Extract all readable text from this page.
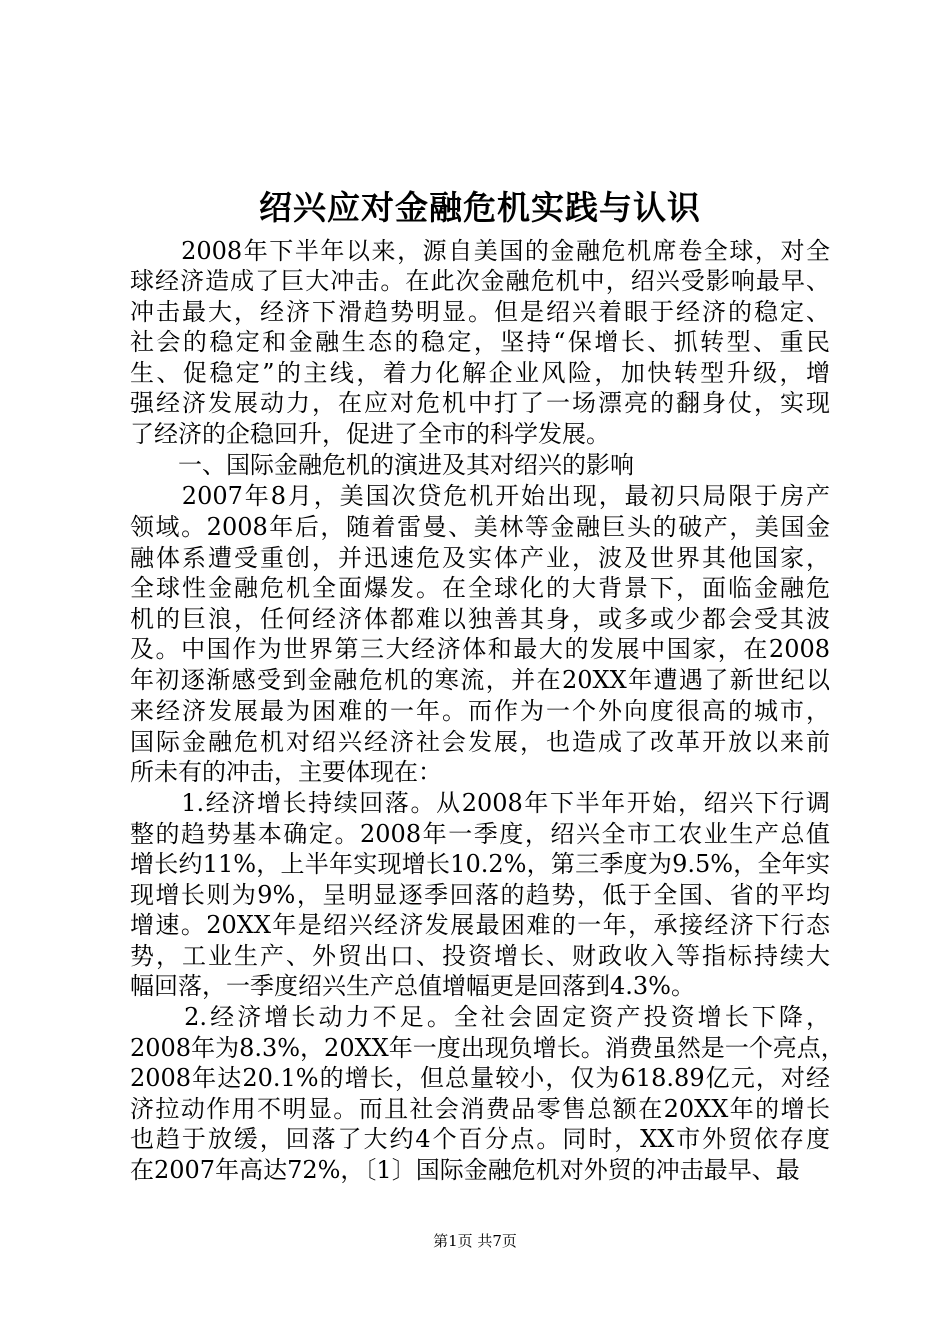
绍兴应对金融危机实践与认识
　　2008年下半年以来，源自美国的金融危机席卷全球，对全
球经济造成了巨大冲击。在此次金融危机中，绍兴受影响最早、
冲击最大，经济下滑趋势明显。但是绍兴着眼于经济的稳定、
社会的稳定和金融生态的稳定，坚持“保增长、抓转型、重民
生、促稳定”的主线，着力化解企业风险，加快转型升级，增
强经济发展动力，在应对危机中打了一场漂亮的翻身仗，实现
了经济的企稳回升，促进了全市的科学发展。
　　一、国际金融危机的演进及其对绍兴的影响
　　2007年8月，美国次贷危机开始出现，最初只局限于房产
领域。2008年后，随着雷曼、美林等金融巨头的破产，美国金
融体系遭受重创，并迅速危及实体产业，波及世界其他国家，
全球性金融危机全面爆发。在全球化的大背景下，面临金融危
机的巨浪，任何经济体都难以独善其身，或多或少都会受其波
及。中国作为世界第三大经济体和最大的发展中国家，在2008
年初逐渐感受到金融危机的寒流，并在20XX年遭遇了新世纪以
来经济发展最为困难的一年。而作为一个外向度很高的城市，
国际金融危机对绍兴经济社会发展，也造成了改革开放以来前
所未有的冲击，主要体现在：
　　1.经济增长持续回落。从2008年下半年开始，绍兴下行调
整的趋势基本确定。2008年一季度，绍兴全市工农业生产总值
增长约11%，上半年实现增长10.2%，第三季度为9.5%，全年实
现增长则为9%，呈明显逐季回落的趋势，低于全国、省的平均
增速。20XX年是绍兴经济发展最困难的一年，承接经济下行态
势，工业生产、外贸出口、投资增长、财政收入等指标持续大
幅回落，一季度绍兴生产总值增幅更是回落到4.3%。
　　2.经济增长动力不足。全社会固定资产投资增长下降，
2008年为8.3%，20XX年一度出现负增长。消费虽然是一个亮点，
2008年达20.1%的增长，但总量较小，仅为618.89亿元，对经
济拉动作用不明显。而且社会消费品零售总额在20XX年的增长
也趋于放缓，回落了大约4个百分点。同时，XX市外贸依存度
在2007年高达72%，〔1〕国际金融危机对外贸的冲击最早、最
第1页 共7页
